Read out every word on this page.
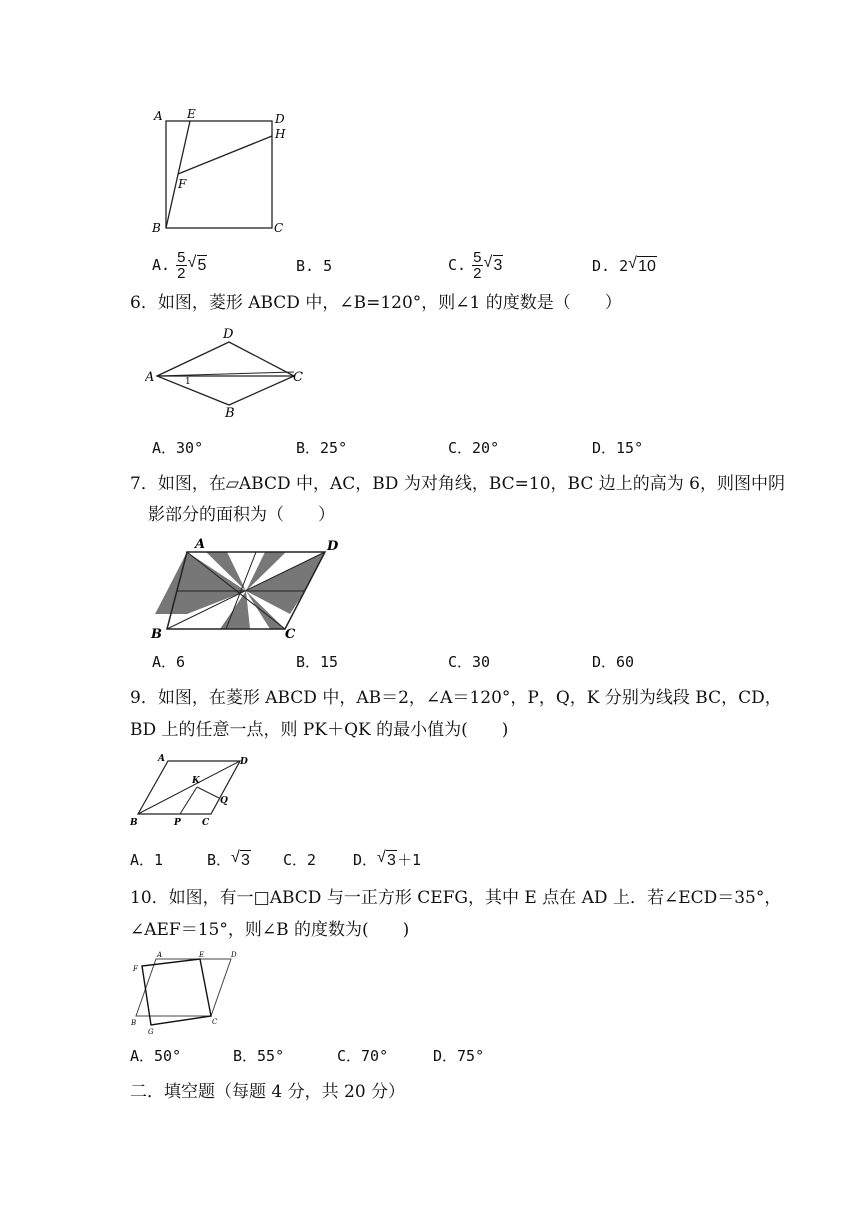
A E	D
H
F
B	C
A. $\frac{5}{2}$ √ 5	B. 5	C. $\frac{5}{2}$ √ 3	D. 2 √ 10
6．如图，菱形 ABCD 中，∠B=120°，则∠1 的度数是（　　）
A
D
C
B
1
A．30°	B．25°	C．20°	D．15°
7．如图，在▱ABCD 中，AC，BD 为对角线，BC=10，BC 边上的高为 6，则图中阴
影部分的面积为（　　）
A	D
B	C
A．6	B．15	C．30	D．60
9．如图，在菱形 ABCD 中，AB＝2，∠A＝120°，P，Q，K 分别为线段 BC，CD，
BD 上的任意一点，则 PK＋QK 的最小值为(　　)
A	D
K
Q
B	P C
A．1	B． √ 3 C．2 D． √ 3＋1
10．如图，有一□ABCD 与一正方形 CEFG，其中 E 点在 AD 上．若∠ECD＝35°，
∠AEF＝15°，则∠B 的度数为(　　)
A	E	D
F
B
G
C
A．50°	B．55°	C．70°	D．75°
二．填空题（每题 4 分，共 20 分）
